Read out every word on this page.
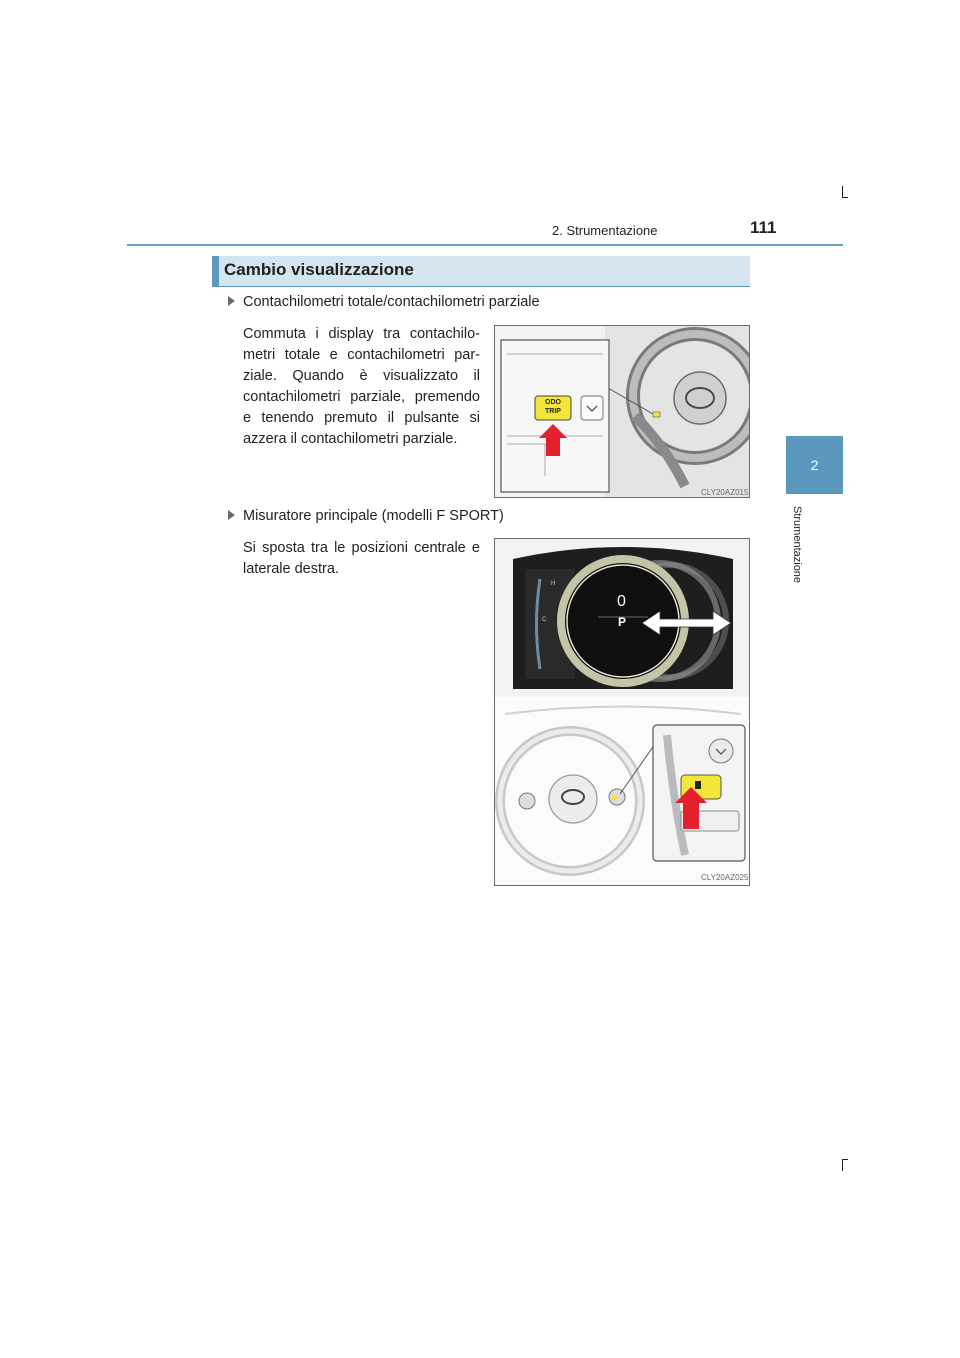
2. Strumentazione	111
2
Strumentazione
Cambio visualizzazione
Contachilometri totale/contachilometri parziale
Commuta i display tra contachilo-metri totale e contachilometri par-ziale. Quando è visualizzato il contachilometri parziale, premendo e tenendo premuto il pulsante si azzera il contachilometri parziale.
ODO
TRIP
CLY20AZ015
Misuratore principale (modelli F SPORT)
Si sposta tra le posizioni centrale e laterale destra.
0
P
H
C
CLY20AZ025
